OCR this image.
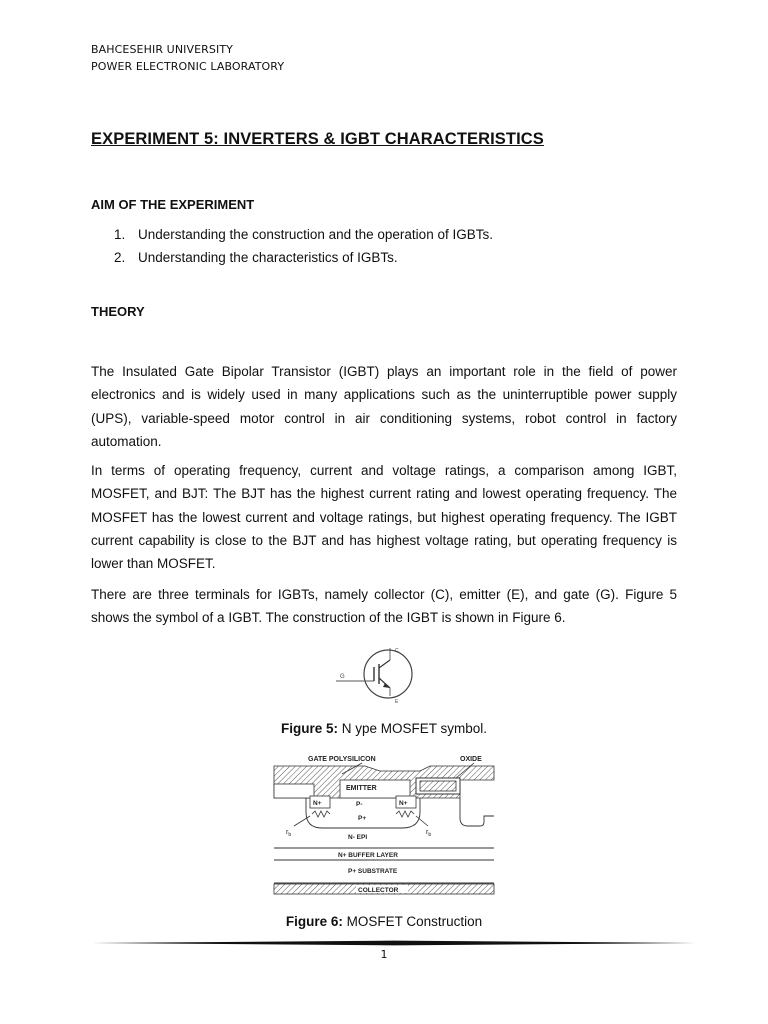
BAHCESEHIR UNIVERSITY
POWER ELECTRONIC LABORATORY
EXPERIMENT 5: INVERTERS & IGBT CHARACTERISTICS
AIM OF THE EXPERIMENT
1. Understanding the construction and the operation of IGBTs.
2. Understanding the characteristics of IGBTs.
THEORY

The Insulated Gate Bipolar Transistor (IGBT) plays an important role in the field of power electronics and is widely used in many applications such as the uninterruptible power supply (UPS), variable-speed motor control in air conditioning systems, robot control in factory automation.

In terms of operating frequency, current and voltage ratings, a comparison among IGBT, MOSFET, and BJT: The BJT has the highest current rating and lowest operating frequency. The MOSFET has the lowest current and voltage ratings, but highest operating frequency. The IGBT current capability is close to the BJT and has highest voltage rating, but operating frequency is lower than MOSFET.

There are three terminals for IGBTs, namely collector (C), emitter (E), and gate (G). Figure 5 shows the symbol of a IGBT. The construction of the IGBT is shown in Figure 6.

G
C
E
Figure 5: N ype MOSFET symbol.
GATE POLYSILICON	OXIDE
EMITTER
N+	N+
P-
P+
$r_b$	$r_b$
N- EPI
N+ BUFFER LAYER
P+ SUBSTRATE
COLLECTOR
Figure 6: MOSFET Construction
1
